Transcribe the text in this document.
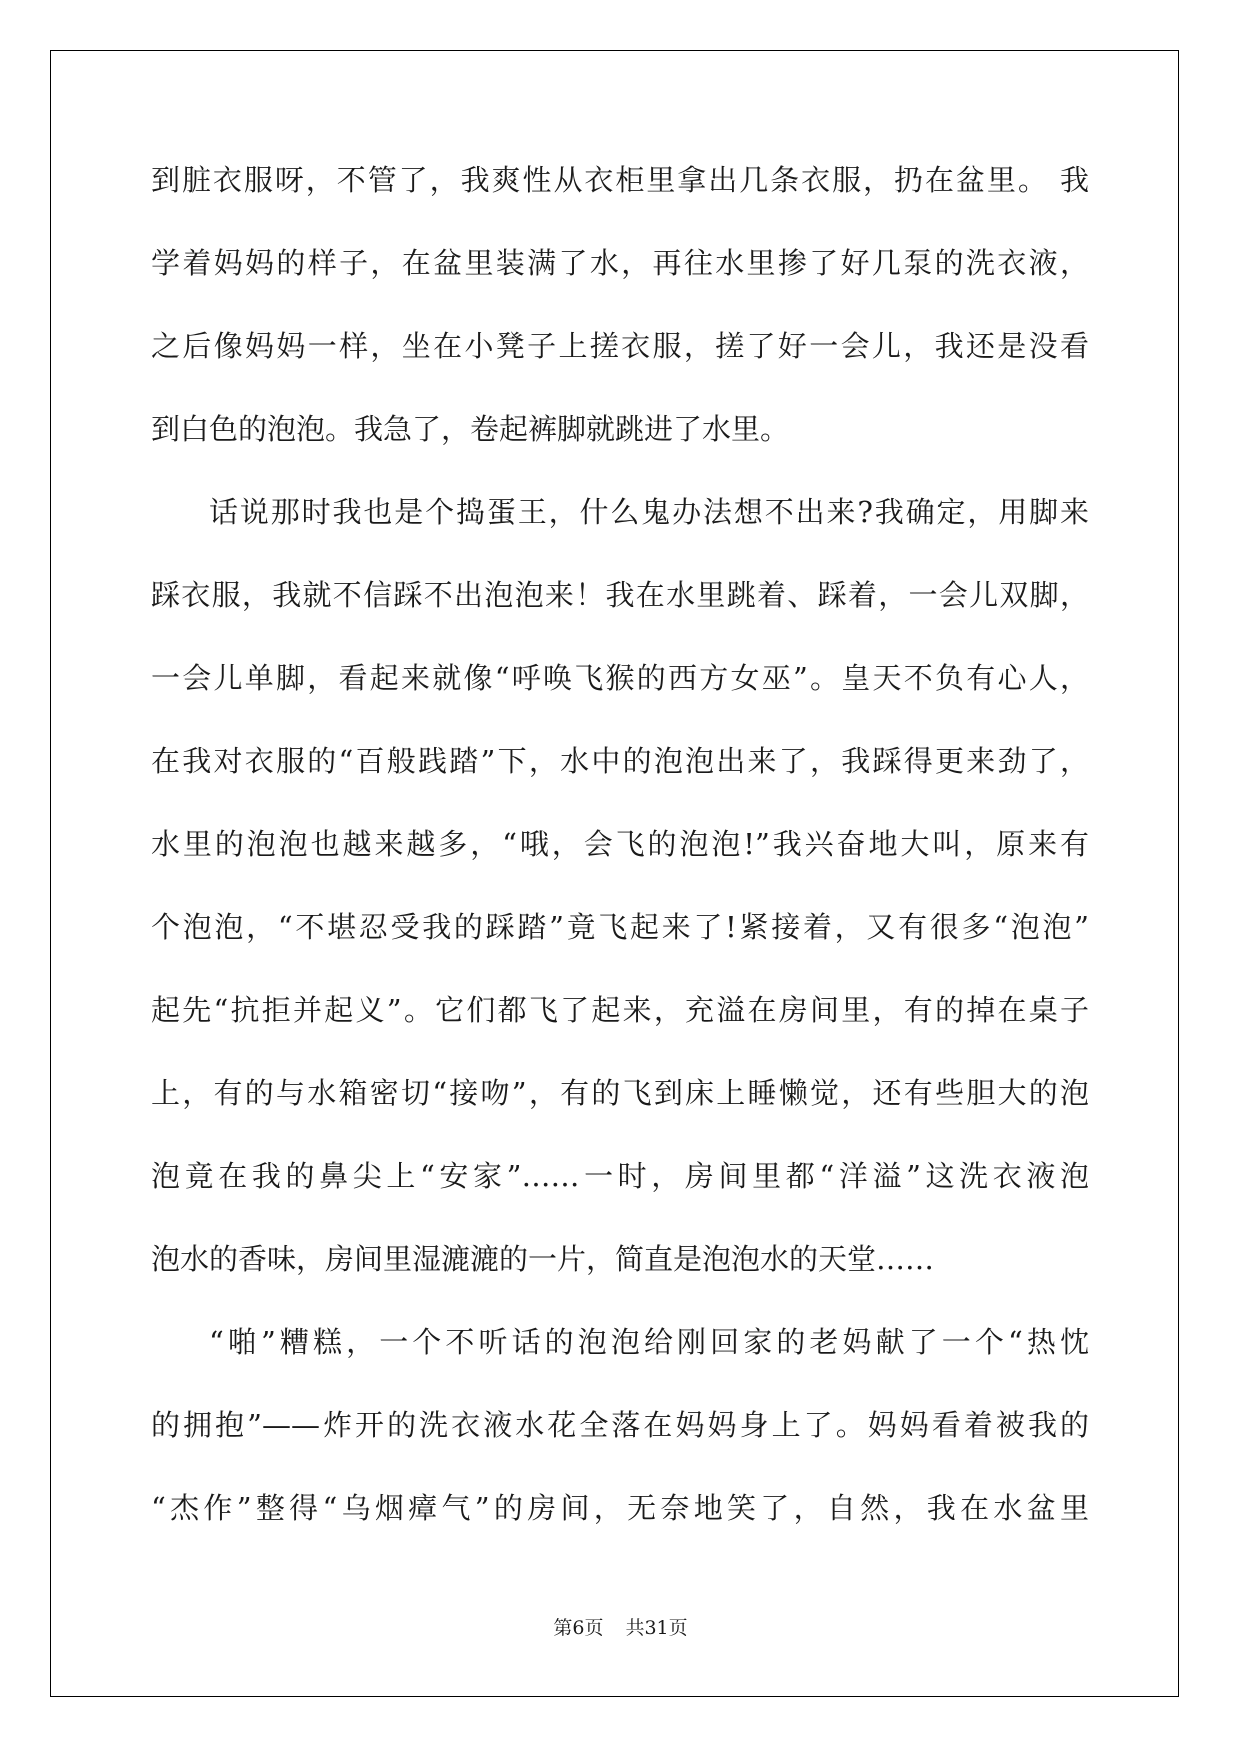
到脏衣服呀，不管了，我爽性从衣柜里拿出几条衣服，扔在盆里。 我
学着妈妈的样子，在盆里装满了水，再往水里掺了好几泵的洗衣液，
之后像妈妈一样，坐在小凳子上搓衣服，搓了好一会儿，我还是没看
到白色的泡泡。我急了，卷起裤脚就跳进了水里。
话说那时我也是个捣蛋王，什么鬼办法想不出来?我确定，用脚来
踩衣服，我就不信踩不出泡泡来！我在水里跳着、踩着，一会儿双脚，
一会儿单脚，看起来就像“呼唤飞猴的西方女巫”。皇天不负有心人，
在我对衣服的“百般践踏”下，水中的泡泡出来了，我踩得更来劲了，
水里的泡泡也越来越多，“哦，会飞的泡泡!”我兴奋地大叫，原来有
个泡泡，“不堪忍受我的踩踏”竟飞起来了!紧接着，又有很多“泡泡”
起先“抗拒并起义”。它们都飞了起来，充溢在房间里，有的掉在桌子
上，有的与水箱密切“接吻”，有的飞到床上睡懒觉，还有些胆大的泡
泡竟在我的鼻尖上“安家”……一时，房间里都“洋溢”这洗衣液泡
泡水的香味，房间里湿漉漉的一片，简直是泡泡水的天堂……
“啪”糟糕，一个不听话的泡泡给刚回家的老妈献了一个“热忱
的拥抱”——炸开的洗衣液水花全落在妈妈身上了。妈妈看着被我的
“杰作”整得“乌烟瘴气”的房间，无奈地笑了，自然，我在水盆里
第6页 共31页
